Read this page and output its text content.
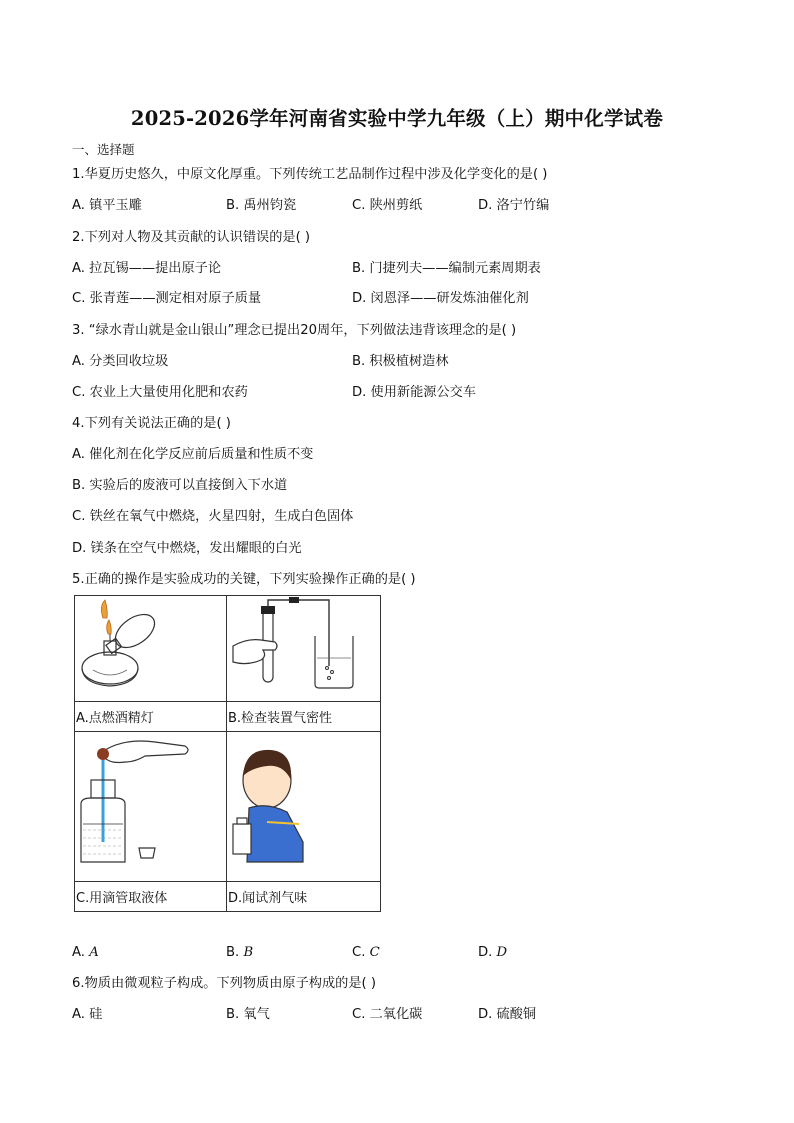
2025-2026学年河南省实验中学九年级（上）期中化学试卷
一、选择题
1.华夏历史悠久，中原文化厚重。下列传统工艺品制作过程中涉及化学变化的是( )
A. 镇平玉雕	B. 禹州钧瓷	C. 陕州剪纸	D. 洛宁竹编
2.下列对人物及其贡献的认识错误的是( )
A. 拉瓦锡——提出原子论	B. 门捷列夫——编制元素周期表
C. 张青莲——测定相对原子质量	D. 闵恩泽——研发炼油催化剂
3. “绿水青山就是金山银山”理念已提出20周年，下列做法违背该理念的是( )
A. 分类回收垃圾	B. 积极植树造林
C. 农业上大量使用化肥和农药	D. 使用新能源公交车
4.下列有关说法正确的是( )
A. 催化剂在化学反应前后质量和性质不变
B. 实验后的废液可以直接倒入下水道
C. 铁丝在氧气中燃烧，火星四射，生成白色固体
D. 镁条在空气中燃烧，发出耀眼的白光
5.正确的操作是实验成功的关键，下列实验操作正确的是( )

A.点燃酒精灯	B.检查装置气密性

C.用滴管取液体	D.闻试剂气味
A. A	B. B	C. C	D. D
6.物质由微观粒子构成。下列物质由原子构成的是( )
A. 硅	B. 氧气	C. 二氧化碳	D. 硫酸铜
